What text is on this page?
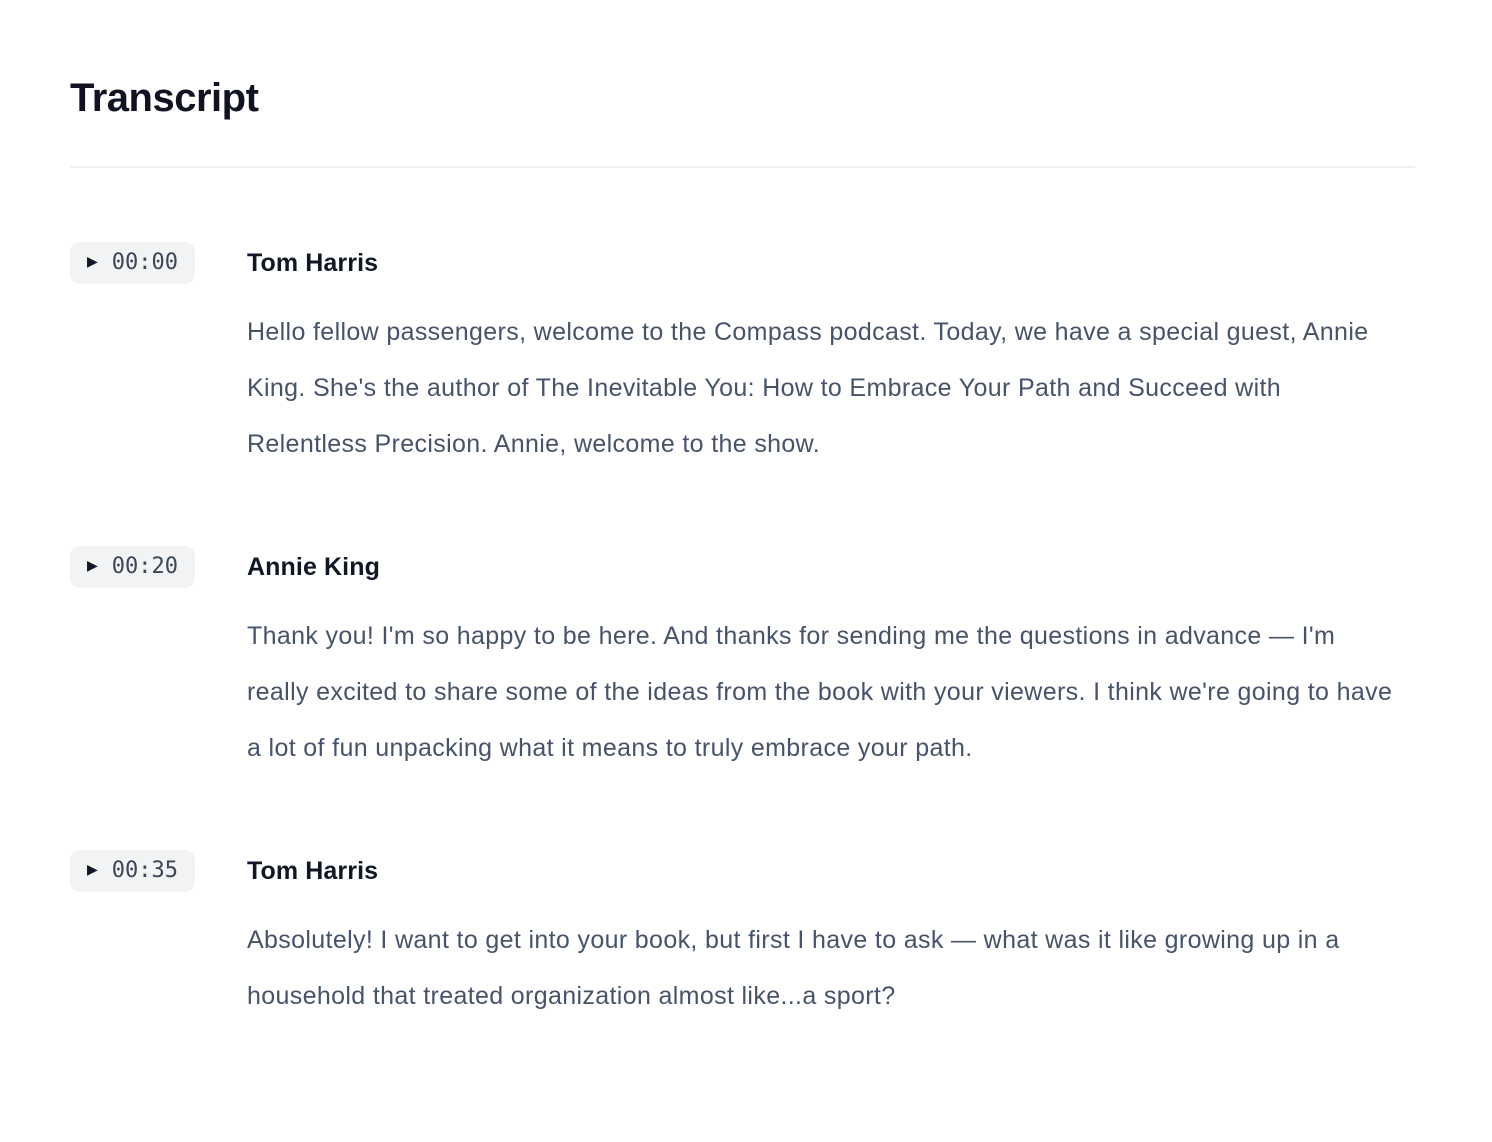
Transcript
▶ 00:00	Tom Harris

Hello fellow passengers, welcome to the Compass podcast. Today, we have a special guest, Annie King. She's the author of The Inevitable You: How to Embrace Your Path and Succeed with Relentless Precision. Annie, welcome to the show.

▶ 00:20	Annie King

Thank you! I'm so happy to be here. And thanks for sending me the questions in advance — I'm really excited to share some of the ideas from the book with your viewers. I think we're going to have a lot of fun unpacking what it means to truly embrace your path.

▶ 00:35	Tom Harris

Absolutely! I want to get into your book, but first I have to ask — what was it like growing up in a household that treated organization almost like...a sport?
